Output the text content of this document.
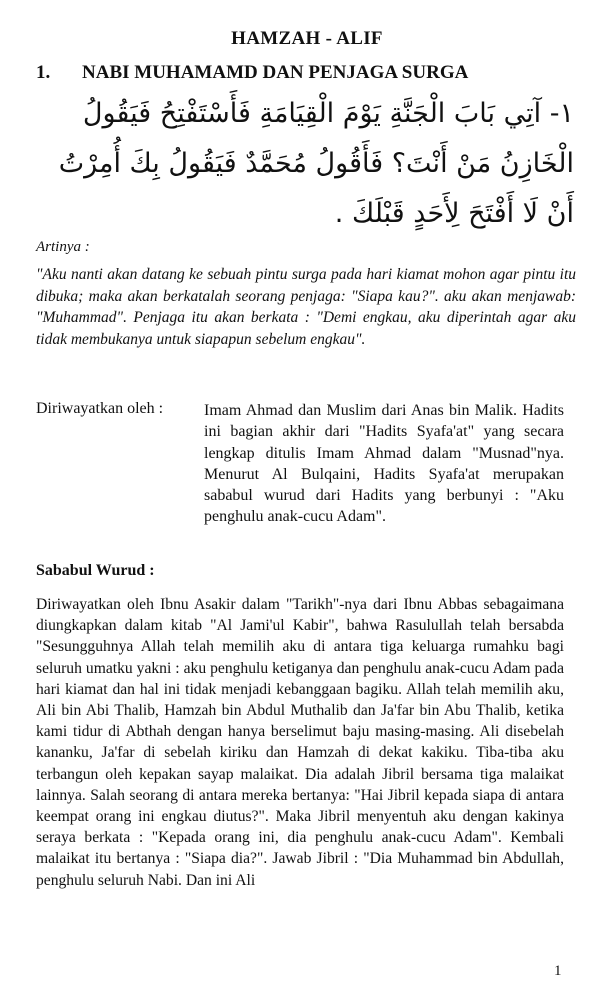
HAMZAH - ALIF
1. NABI MUHAMAMD DAN PENJAGA SURGA
١- آتِي بَابَ الْجَنَّةِ يَوْمَ الْقِيَامَةِ فَأَسْتَفْتِحُ فَيَقُولُ
الْخَازِنُ مَنْ أَنْتَ؟ فَأَقُولُ مُحَمَّدٌ فَيَقُولُ بِكَ أُمِرْتُ
أَنْ لَا أَفْتَحَ لِأَحَدٍ قَبْلَكَ .
Artinya :

"Aku nanti akan datang ke sebuah pintu surga pada hari kiamat mohon agar pintu itu dibuka; maka akan berkatalah seorang penjaga: "Siapa kau?". aku akan menjawab: "Muhammad". Penjaga itu akan berkata : "Demi engkau, aku diperintah agar aku tidak membukanya untuk siapapun sebelum engkau".

Diriwayatkan oleh :	Imam Ahmad dan Muslim dari Anas bin Malik. Hadits ini bagian akhir dari "Hadits Syafa'at" yang secara lengkap ditulis Imam Ahmad dalam "Musnad"nya. Menurut Al Bulqaini, Hadits Syafa'at merupakan sababul wurud dari Hadits yang berbunyi : "Aku penghulu anak-cucu Adam".

Sababul Wurud :

Diriwayatkan oleh Ibnu Asakir dalam "Tarikh"-nya dari Ibnu Abbas sebagaimana diungkapkan dalam kitab "Al Jami'ul Kabir", bahwa Rasulullah telah bersabda "Sesungguhnya Allah telah memilih aku di antara tiga keluarga rumahku bagi seluruh umatku yakni : aku penghulu ketiganya dan penghulu anak-cucu Adam pada hari kiamat dan hal ini tidak menjadi kebanggaan bagiku. Allah telah memilih aku, Ali bin Abi Thalib, Hamzah bin Abdul Muthalib dan Ja'far bin Abu Thalib, ketika kami tidur di Abthah dengan hanya berselimut baju masing-masing. Ali disebelah kananku, Ja'far di sebelah kiriku dan Hamzah di dekat kakiku. Tiba-tiba aku terbangun oleh kepakan sayap malaikat. Dia adalah Jibril bersama tiga malaikat lainnya. Salah seorang di antara mereka bertanya: "Hai Jibril kepada siapa di antara keempat orang ini engkau diutus?". Maka Jibril menyentuh aku dengan kakinya seraya berkata : "Kepada orang ini, dia penghulu anak-cucu Adam". Kembali malaikat itu bertanya : "Siapa dia?". Jawab Jibril : "Dia Muhammad bin Abdullah, penghulu seluruh Nabi. Dan ini Ali

1
